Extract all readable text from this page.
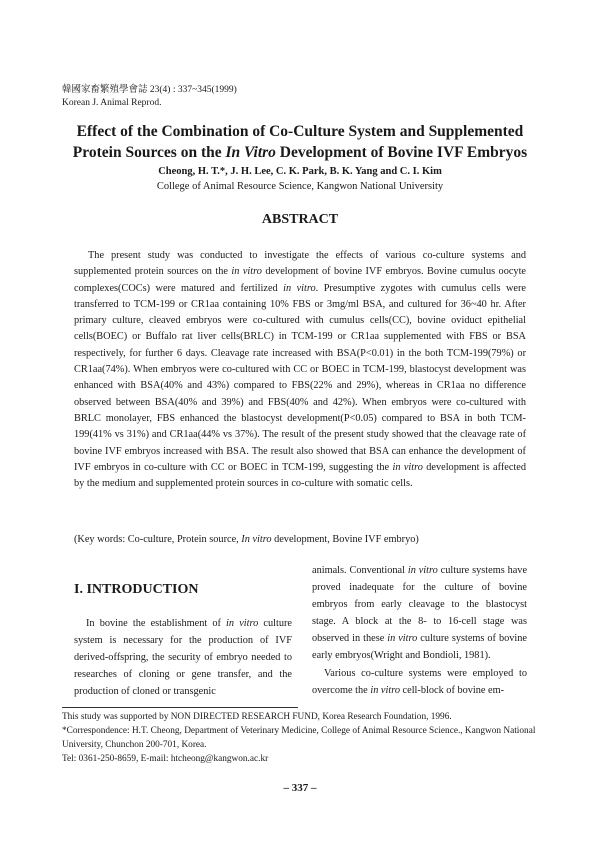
韓國家畜繁殖學會誌 23(4) : 337~345(1999)
Korean J. Animal Reprod.
Effect of the Combination of Co-Culture System and Supplemented
Protein Sources on the In Vitro Development of Bovine IVF Embryos
Cheong, H. T.*, J. H. Lee, C. K. Park, B. K. Yang and C. I. Kim
College of Animal Resource Science, Kangwon National University
ABSTRACT

The present study was conducted to investigate the effects of various co-culture systems and supplemented protein sources on the in vitro development of bovine IVF embryos. Bovine cumulus oocyte complexes(COCs) were matured and fertilized in vitro. Presumptive zygotes with cumulus cells were transferred to TCM-199 or CR1aa containing 10% FBS or 3mg/ml BSA, and cultured for 36~40 hr. After primary culture, cleaved embryos were co-cultured with cumulus cells(CC), bovine oviduct epithelial cells(BOEC) or Buffalo rat liver cells(BRLC) in TCM-199 or CR1aa supplemented with FBS or BSA respectively, for further 6 days. Cleavage rate increased with BSA(P<0.01) in the both TCM-199(79%) or CR1aa(74%). When embryos were co-cultured with CC or BOEC in TCM-199, blastocyst development was enhanced with BSA(40% and 43%) compared to FBS(22% and 29%), whereas in CR1aa no difference observed between BSA(40% and 39%) and FBS(40% and 42%). When embryos were co-cultured with BRLC monolayer, FBS enhanced the blastocyst development(P<0.05) compared to BSA in both TCM-199(41% vs 31%) and CR1aa(44% vs 37%). The result of the present study showed that the cleavage rate of bovine IVF embryos increased with BSA. The result also showed that BSA can enhance the development of IVF embryos in co-culture with CC or BOEC in TCM-199, suggesting the in vitro development is affected by the medium and supplemented protein sources in co-culture with somatic cells.

(Key words: Co-culture, Protein source, In vitro development, Bovine IVF embryo)
I. INTRODUCTION

In bovine the establishment of in vitro culture system is necessary for the production of IVF derived-offspring, the security of embryo needed to researches of cloning or gene transfer, and the production of cloned or transgenic

animals. Conventional in vitro culture systems have proved inadequate for the culture of bovine embryos from early cleavage to the blastocyst stage. A block at the 8- to 16-cell stage was observed in these in vitro culture systems of bovine early embryos(Wright and Bondioli, 1981).

Various co-culture systems were employed to overcome the in vitro cell-block of bovine em-

This study was supported by NON DIRECTED RESEARCH FUND, Korea Research Foundation, 1996.
*Correspondence: H.T. Cheong, Department of Veterinary Medicine, College of Animal Resource Science., Kangwon National University, Chunchon 200-701, Korea.
Tel: 0361-250-8659, E-mail: htcheong@kangwon.ac.kr
– 337 –
